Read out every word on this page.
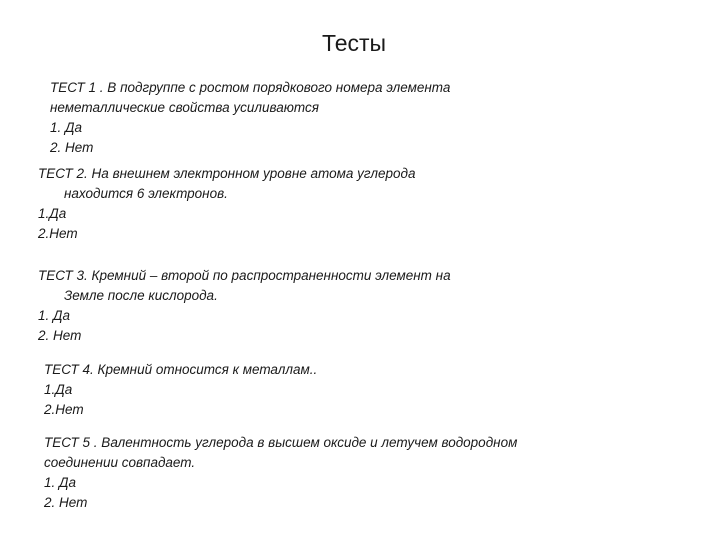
Тесты
ТЕСТ 1 . В подгруппе с ростом порядкового номера элемента
неметаллические свойства усиливаются
1. Да
2. Нет
ТЕСТ 2. На внешнем электронном уровне атома углерода
находится 6 электронов.
1.Да
2.Нет
ТЕСТ 3. Кремний – второй по распространенности элемент на
Земле после кислорода.
1. Да
2. Нет
ТЕСТ 4. Кремний относится к металлам..
1.Да
2.Нет
ТЕСТ 5 . Валентность углерода в высшем оксиде и летучем водородном
соединении совпадает.
1. Да
2. Нет
